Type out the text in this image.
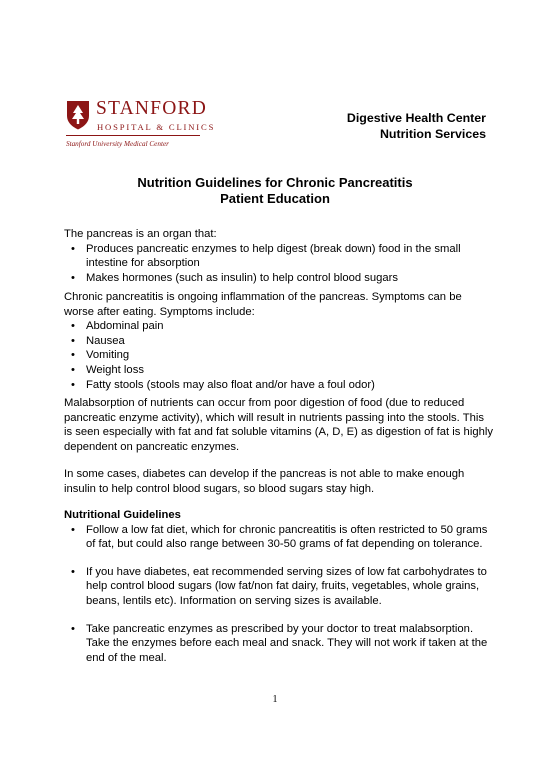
STANFORD
HOSPITAL & CLINICS
Stanford University Medical Center
Digestive Health Center
Nutrition Services
Nutrition Guidelines for Chronic Pancreatitis
Patient Education

The pancreas is an organ that:

• Produces pancreatic enzymes to help digest (break down) food in the small intestine for absorption
• Makes hormones (such as insulin) to help control blood sugars

Chronic pancreatitis is ongoing inflammation of the pancreas. Symptoms can be worse after eating. Symptoms include:

• Abdominal pain
• Nausea
• Vomiting
• Weight loss
• Fatty stools (stools may also float and/or have a foul odor)

Malabsorption of nutrients can occur from poor digestion of food (due to reduced pancreatic enzyme activity), which will result in nutrients passing into the stools. This is seen especially with fat and fat soluble vitamins (A, D, E) as digestion of fat is highly dependent on pancreatic enzymes.

In some cases, diabetes can develop if the pancreas is not able to make enough insulin to help control blood sugars, so blood sugars stay high.

Nutritional Guidelines

• Follow a low fat diet, which for chronic pancreatitis is often restricted to 50 grams of fat, but could also range between 30-50 grams of fat depending on tolerance.
• If you have diabetes, eat recommended serving sizes of low fat carbohydrates to help control blood sugars (low fat/non fat dairy, fruits, vegetables, whole grains, beans, lentils etc). Information on serving sizes is available.
• Take pancreatic enzymes as prescribed by your doctor to treat malabsorption. Take the enzymes before each meal and snack. They will not work if taken at the end of the meal.
1
